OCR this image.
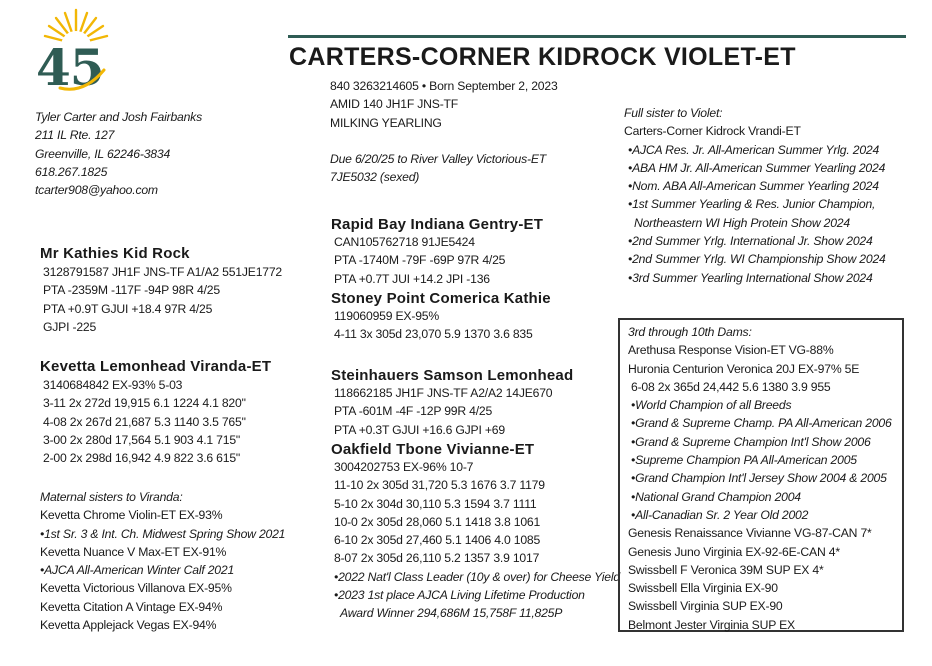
45	CARTERS-CORNER KIDROCK VIOLET-ET
Tyler Carter and Josh Fairbanks
211 IL Rte. 127
Greenville, IL 62246-3834
618.267.1825
tcarter908@yahoo.com
840 3263214605 • Born September 2, 2023
AMID 140 JH1F JNS-TF
MILKING YEARLING
Due 6/20/25 to River Valley Victorious-ET
7JE5032 (sexed)
Mr Kathies Kid Rock
3128791587 JH1F JNS-TF A1/A2 551JE1772
PTA -2359M -117F -94P 98R 4/25
PTA +0.9T GJUI +18.4 97R 4/25
GJPI -225
Kevetta Lemonhead Viranda-ET
3140684842 EX-93% 5-03
3-11 2x 272d 19,915 6.1 1224 4.1 820"
4-08 2x 267d 21,687 5.3 1140 3.5 765"
3-00 2x 280d 17,564 5.1 903 4.1 715"
2-00 2x 298d 16,942 4.9 822 3.6 615"
Maternal sisters to Viranda:
Kevetta Chrome Violin-ET EX-93%
•1st Sr. 3 & Int. Ch. Midwest Spring Show 2021
Kevetta Nuance V Max-ET EX-91%
•AJCA All-American Winter Calf 2021
Kevetta Victorious Villanova EX-95%
Kevetta Citation A Vintage EX-94%
Kevetta Applejack Vegas EX-94%
Rapid Bay Indiana Gentry-ET
CAN105762718 91JE5424
PTA -1740M -79F -69P 97R 4/25
PTA +0.7T JUI +14.2 JPI -136
Stoney Point Comerica Kathie
119060959 EX-95%
4-11 3x 305d 23,070 5.9 1370 3.6 835
Steinhauers Samson Lemonhead
118662185 JH1F JNS-TF A2/A2 14JE670
PTA -601M -4F -12P 99R 4/25
PTA +0.3T GJUI +16.6 GJPI +69
Oakfield Tbone Vivianne-ET
3004202753 EX-96% 10-7
11-10 2x 305d 31,720 5.3 1676 3.7 1179
5-10 2x 304d 30,110 5.3 1594 3.7 1111
10-0 2x 305d 28,060 5.1 1418 3.8 1061
6-10 2x 305d 27,460 5.1 1406 4.0 1085
8-07 2x 305d 26,110 5.2 1357 3.9 1017
•2022 Nat'l Class Leader (10y & over) for Cheese Yield
•2023 1st place AJCA Living Lifetime Production
Award Winner 294,686M 15,758F 11,825P
Full sister to Violet:
Carters-Corner Kidrock Vrandi-ET
•AJCA Res. Jr. All-American Summer Yrlg. 2024
•ABA HM Jr. All-American Summer Yearling 2024
•Nom. ABA All-American Summer Yearling 2024
•1st Summer Yearling & Res. Junior Champion,
Northeastern WI High Protein Show 2024
•2nd Summer Yrlg. International Jr. Show 2024
•2nd Summer Yrlg. WI Championship Show 2024
•3rd Summer Yearling International Show 2024
3rd through 10th Dams:
Arethusa Response Vision-ET VG-88%
Huronia Centurion Veronica 20J EX-97% 5E
6-08 2x 365d 24,442 5.6 1380 3.9 955
•World Champion of all Breeds
•Grand & Supreme Champ. PA All-American 2006
•Grand & Supreme Champion Int'l Show 2006
•Supreme Champion PA All-American 2005
•Grand Champion Int'l Jersey Show 2004 & 2005
•National Grand Champion 2004
•All-Canadian Sr. 2 Year Old 2002
Genesis Renaissance Vivianne VG-87-CAN 7*
Genesis Juno Virginia EX-92-6E-CAN 4*
Swissbell F Veronica 39M SUP EX 4*
Swissbell Ella Virginia EX-90
Swissbell Virginia SUP EX-90
Belmont Jester Virginia SUP EX
